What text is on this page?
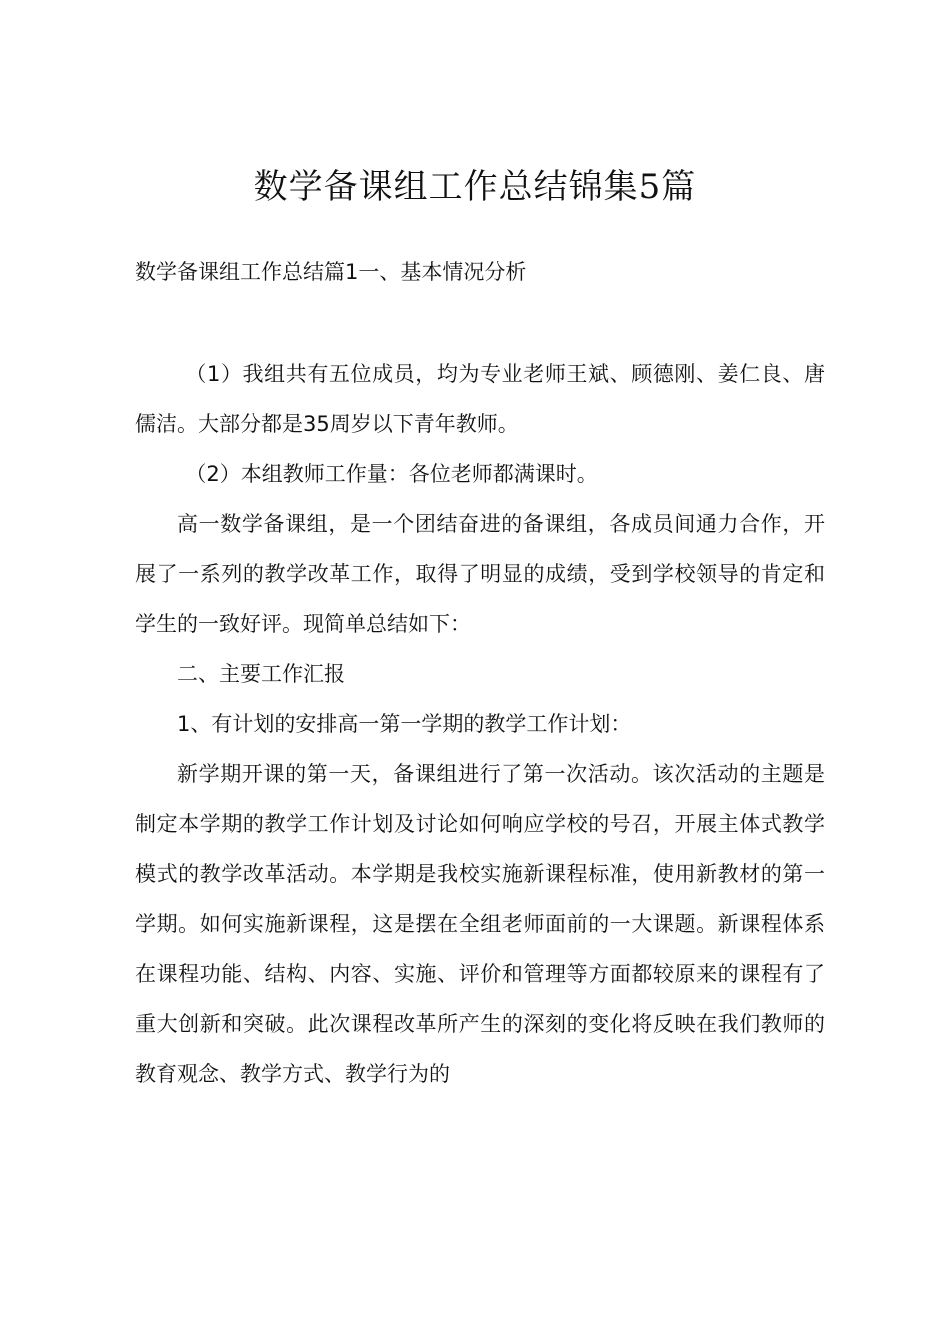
数学备课组工作总结锦集5篇
数学备课组工作总结篇1一、基本情况分析

（1）我组共有五位成员，均为专业老师王斌、顾德刚、姜仁良、唐儒洁。大部分都是35周岁以下青年教师。

（2）本组教师工作量：各位老师都满课时。

高一数学备课组，是一个团结奋进的备课组，各成员间通力合作，开展了一系列的教学改革工作，取得了明显的成绩，受到学校领导的肯定和学生的一致好评。现简单总结如下：

二、主要工作汇报

1、有计划的安排高一第一学期的教学工作计划：

新学期开课的第一天，备课组进行了第一次活动。该次活动的主题是制定本学期的教学工作计划及讨论如何响应学校的号召，开展主体式教学模式的教学改革活动。本学期是我校实施新课程标准，使用新教材的第一学期。如何实施新课程，这是摆在全组老师面前的一大课题。新课程体系在课程功能、结构、内容、实施、评价和管理等方面都较原来的课程有了重大创新和突破。此次课程改革所产生的深刻的变化将反映在我们教师的教育观念、教学方式、教学行为的
